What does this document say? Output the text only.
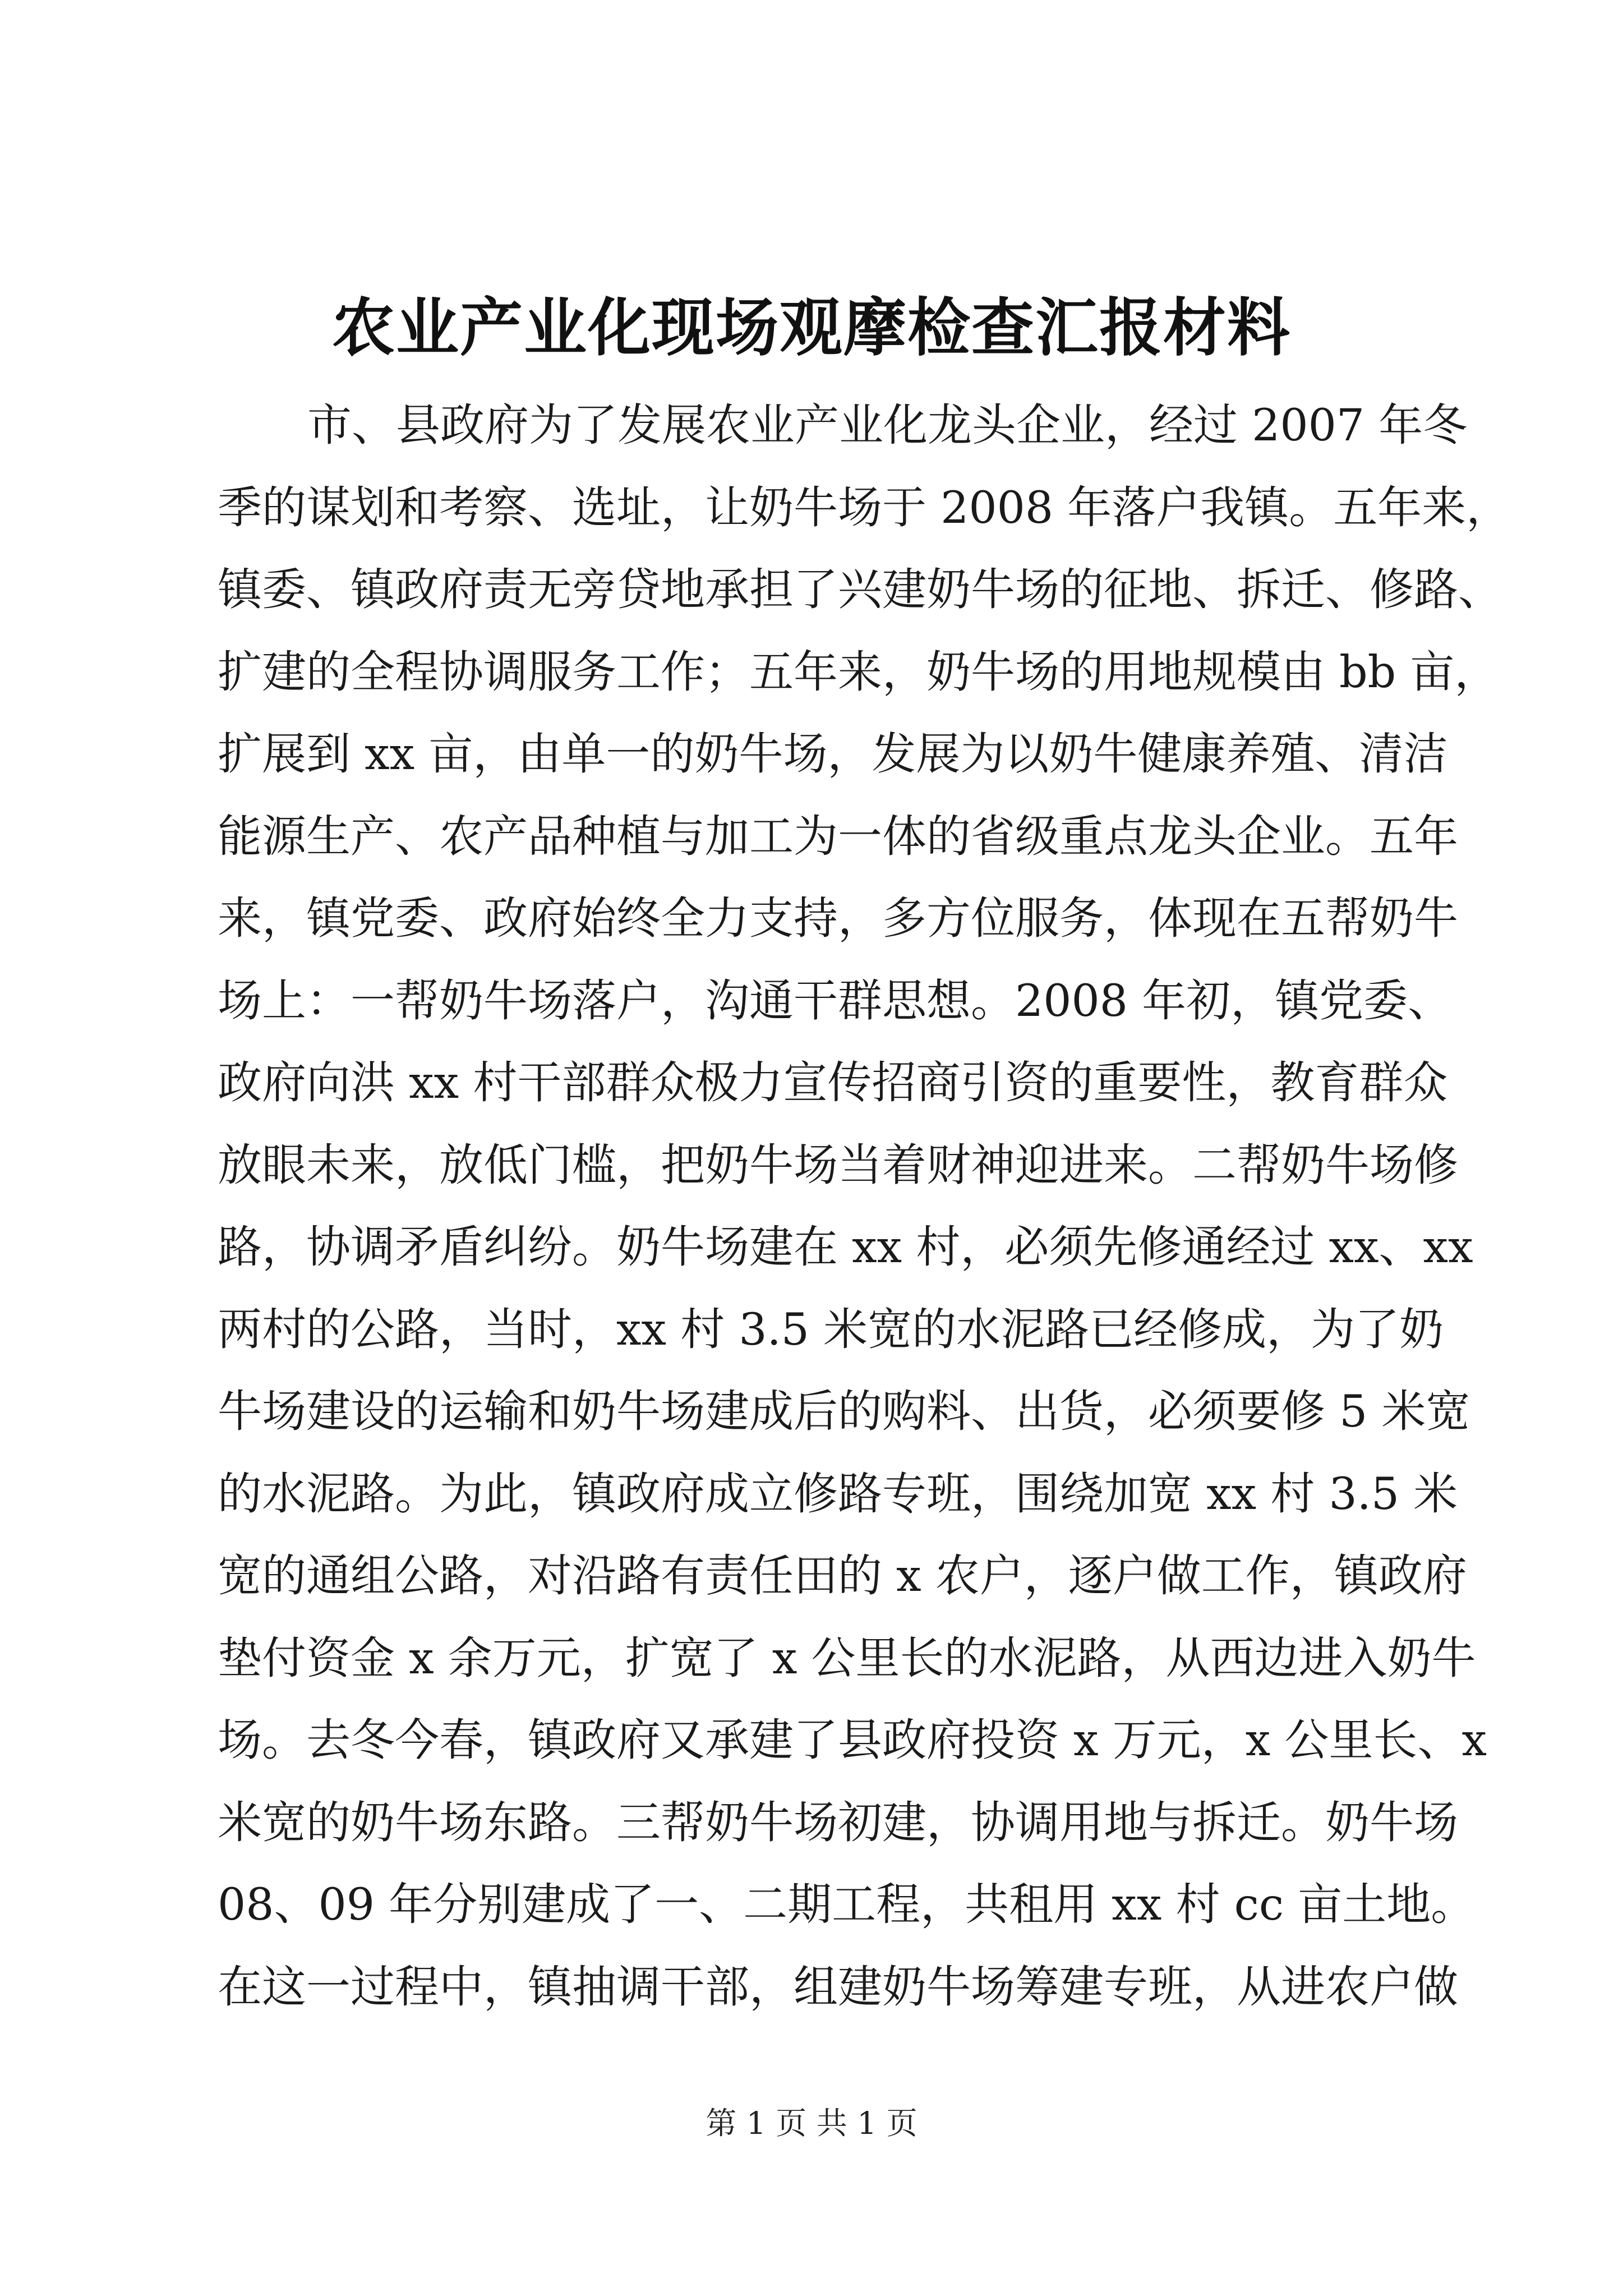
农业产业化现场观摩检查汇报材料
市、县政府为了发展农业产业化龙头企业，经过 2007 年冬
季的谋划和考察、选址，让奶牛场于 2008 年落户我镇。五年来，
镇委、镇政府责无旁贷地承担了兴建奶牛场的征地、拆迁、修路、
扩建的全程协调服务工作；五年来，奶牛场的用地规模由 bb 亩，
扩展到 xx 亩，由单一的奶牛场，发展为以奶牛健康养殖、清洁
能源生产、农产品种植与加工为一体的省级重点龙头企业。五年
来，镇党委、政府始终全力支持，多方位服务，体现在五帮奶牛
场上：一帮奶牛场落户，沟通干群思想。2008 年初，镇党委、
政府向洪 xx 村干部群众极力宣传招商引资的重要性，教育群众
放眼未来，放低门槛，把奶牛场当着财神迎进来。二帮奶牛场修
路，协调矛盾纠纷。奶牛场建在 xx 村，必须先修通经过 xx、xx
两村的公路，当时，xx 村 3.5 米宽的水泥路已经修成，为了奶
牛场建设的运输和奶牛场建成后的购料、出货，必须要修 5 米宽
的水泥路。为此，镇政府成立修路专班，围绕加宽 xx 村 3.5 米
宽的通组公路，对沿路有责任田的 x 农户，逐户做工作，镇政府
垫付资金 x 余万元，扩宽了 x 公里长的水泥路，从西边进入奶牛
场。去冬今春，镇政府又承建了县政府投资 x 万元，x 公里长、x
米宽的奶牛场东路。三帮奶牛场初建，协调用地与拆迁。奶牛场
08、09 年分别建成了一、二期工程，共租用 xx 村 cc 亩土地。
在这一过程中，镇抽调干部，组建奶牛场筹建专班，从进农户做
第 1 页 共 1 页
